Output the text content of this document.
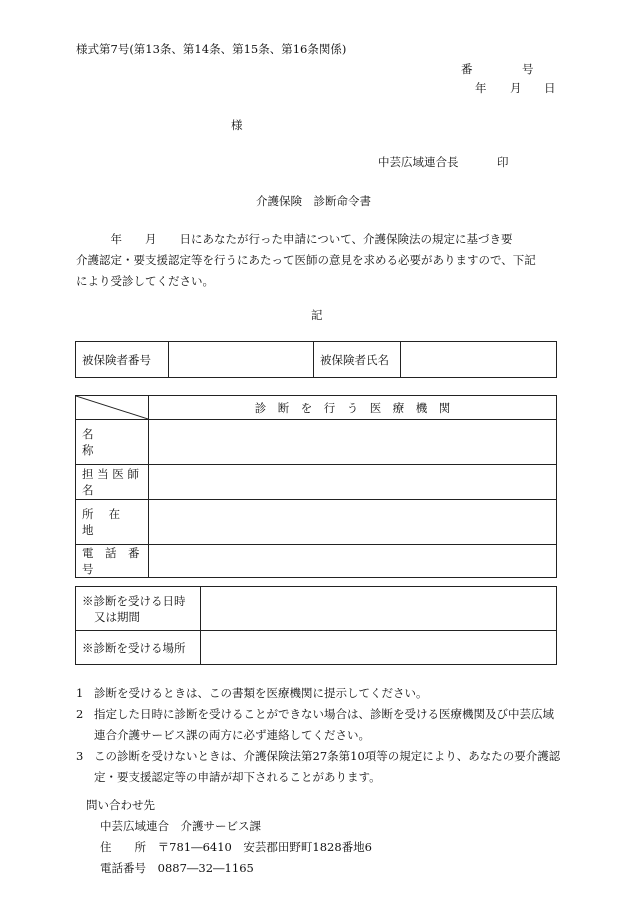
様式第7号(第13条、第14条、第15条、第16条関係)
番	号
年 月 日
様
中芸広域連合長	印
介護保険　診断命令書
　　　年　　月　　日にあなたが行った申請について、介護保険法の規定に基づき要
介護認定・要支援認定等を行うにあたって医師の意見を求める必要がありますので、下記
により受診してください。
記
被保険者番号		被保険者氏名	
	診　断　を　行　う　医　療　機　関
名　　　　称	
担 当 医 師 名	
所　 在　 地	
電　話　番　号	
※診断を受ける日時
又は期間	

※診断を受ける場所	
1 診断を受けるときは、この書類を医療機関に提示してください。
2 指定した日時に診断を受けることができない場合は、診断を受ける医療機関及び中芸広域連合介護サービス課の両方に必ず連絡してください。
3 この診断を受けないときは、介護保険法第27条第10項等の規定により、あなたの要介護認定・要支援認定等の申請が却下されることがあります。
問い合わせ先
中芸広域連合　介護サービス課
住　　所 〒781―6410　安芸郡田野町1828番地6
電話番号 0887―32―1165
